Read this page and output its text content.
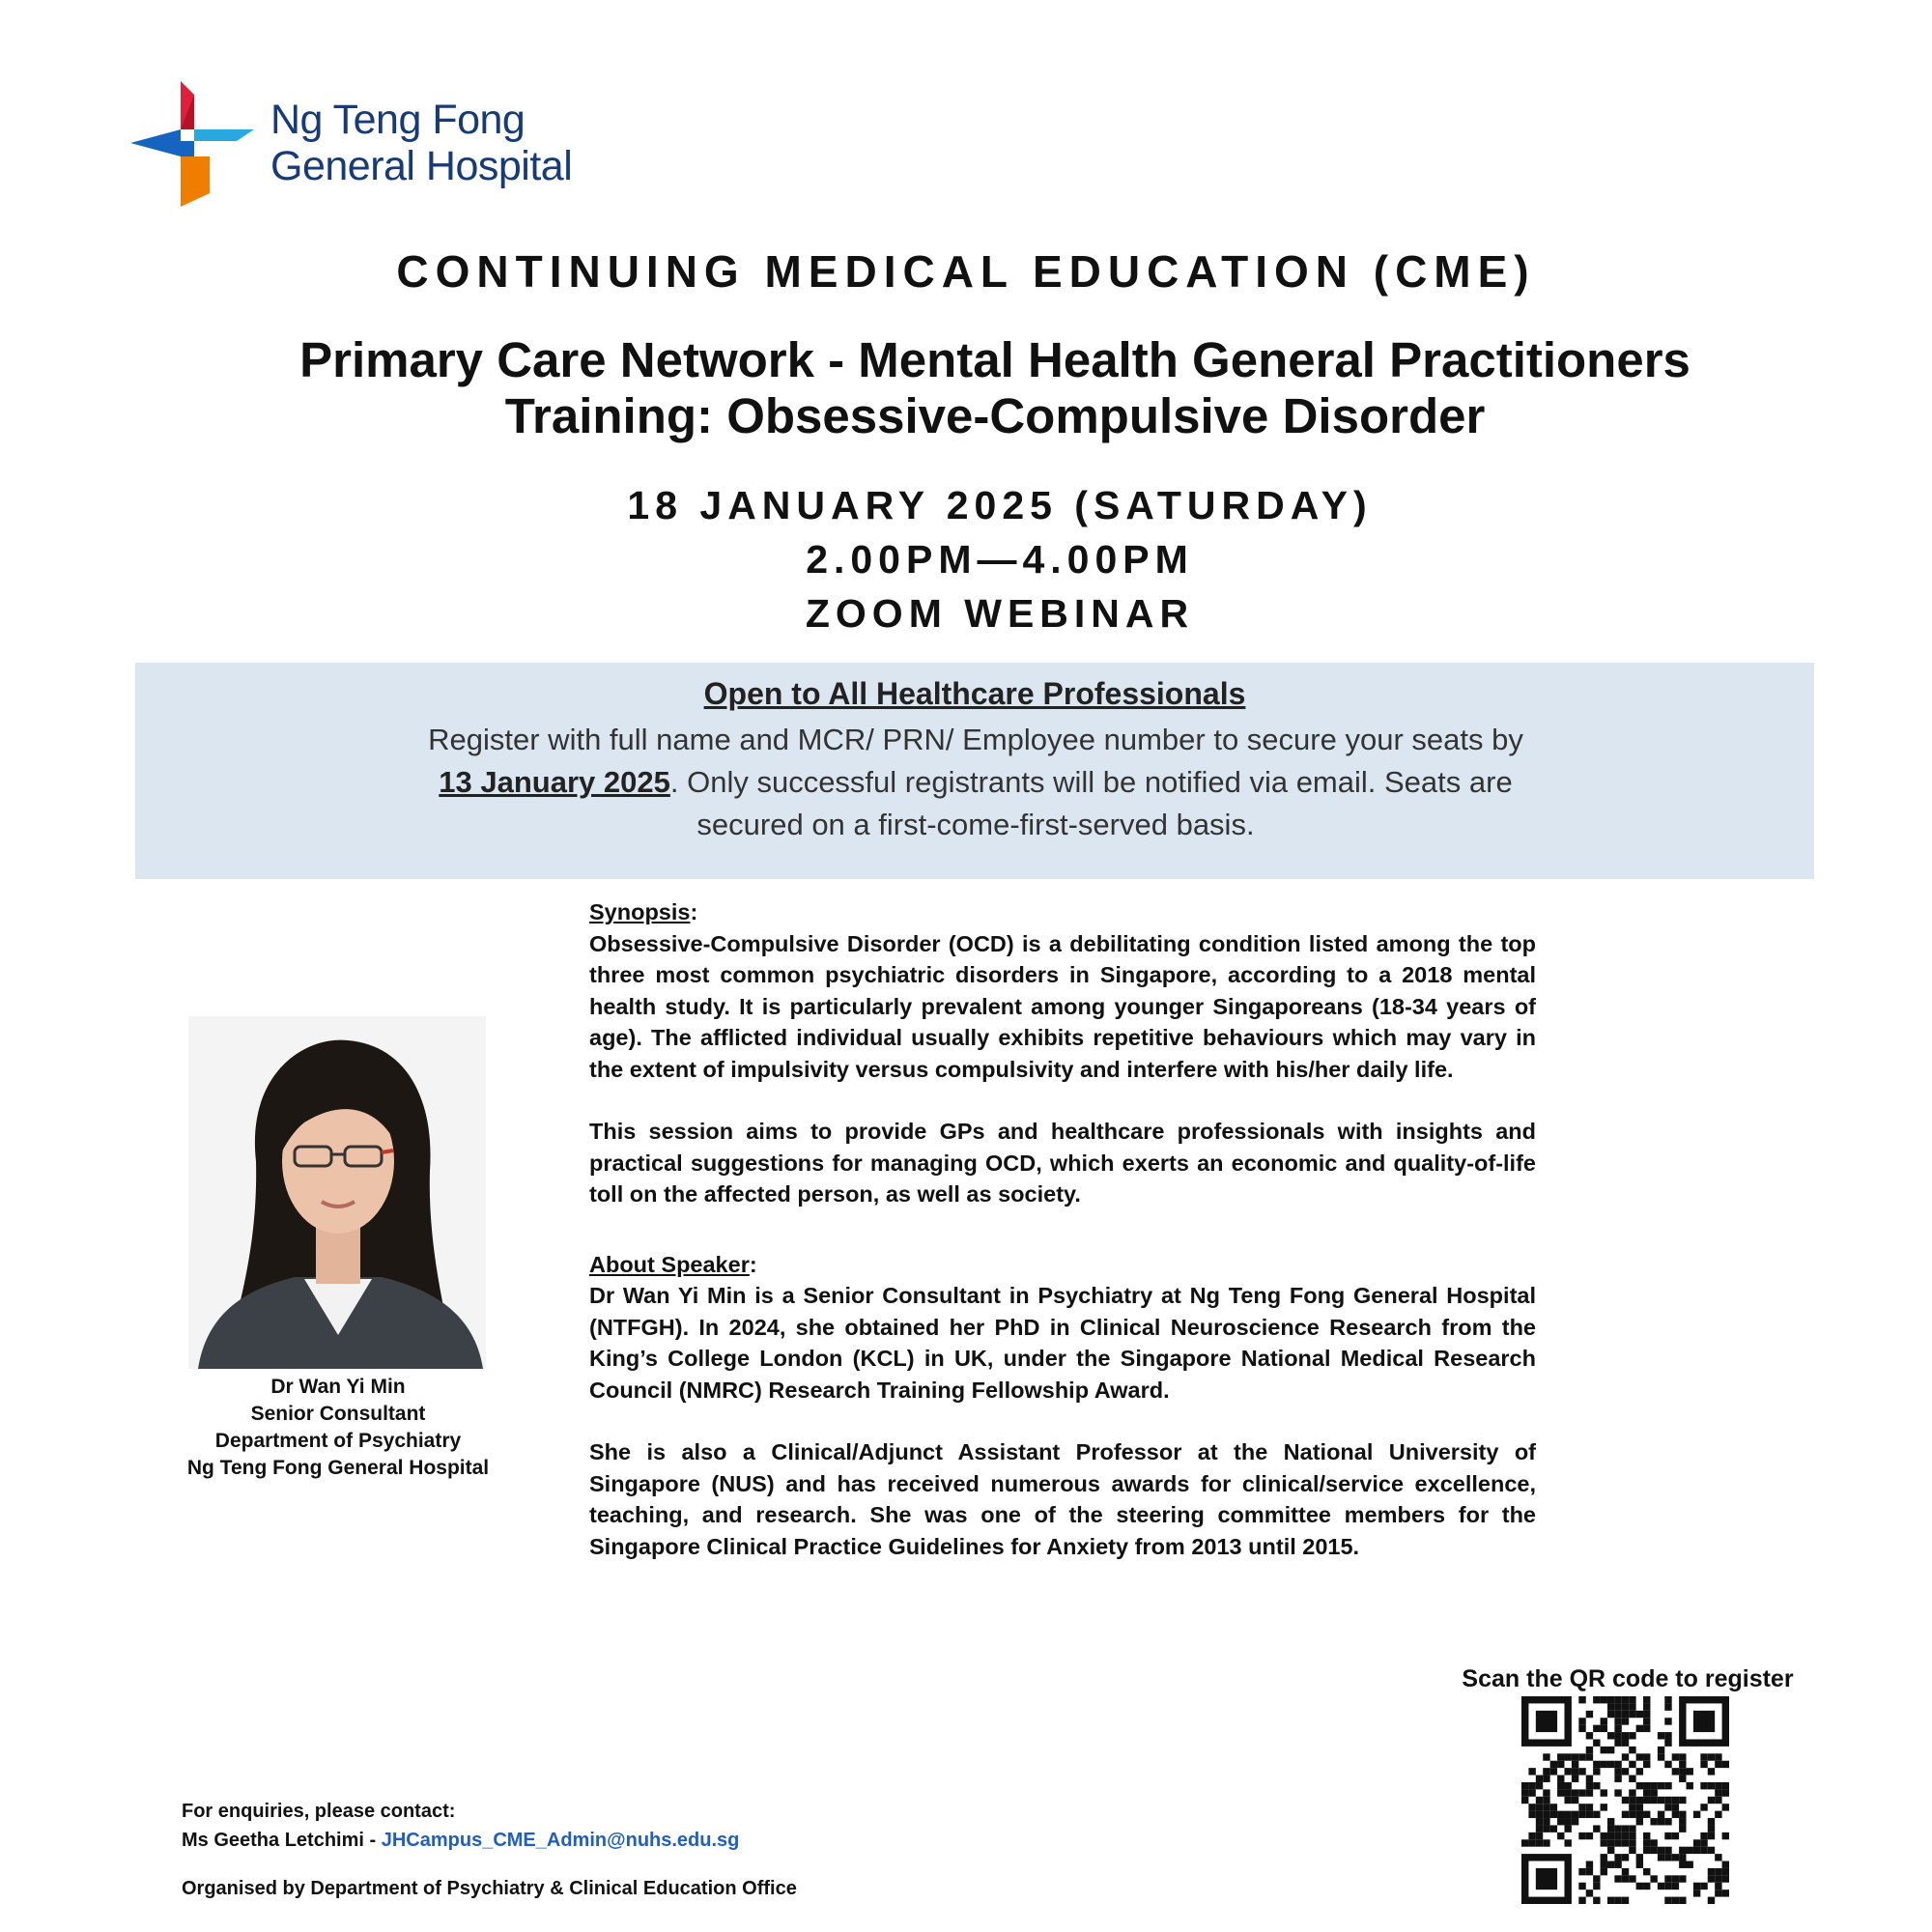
Ng Teng Fong
General Hospital
CONTINUING MEDICAL EDUCATION (CME)
Primary Care Network - Mental Health General Practitioners
Training: Obsessive-Compulsive Disorder
18 JANUARY 2025 (SATURDAY)
2.00PM—4.00PM
ZOOM WEBINAR
Open to All Healthcare Professionals
Register with full name and MCR/ PRN/ Employee number to secure your seats by
13 January 2025. Only successful registrants will be notified via email. Seats are
secured on a first-come-first-served basis.
Dr Wan Yi Min
Senior Consultant
Department of Psychiatry
Ng Teng Fong General Hospital

Synopsis:

Obsessive-Compulsive Disorder (OCD) is a debilitating condition listed among the top three most common psychiatric disorders in Singapore, according to a 2018 mental health study. It is particularly prevalent among younger Singaporeans (18-34 years of age). The afflicted individual usually exhibits repetitive behaviours which may vary in the extent of impulsivity versus compulsivity and interfere with his/her daily life.

This session aims to provide GPs and healthcare professionals with insights and practical suggestions for managing OCD, which exerts an economic and quality-of-life toll on the affected person, as well as society.

About Speaker:

Dr Wan Yi Min is a Senior Consultant in Psychiatry at Ng Teng Fong General Hospital (NTFGH). In 2024, she obtained her PhD in Clinical Neuroscience Research from the King’s College London (KCL) in UK, under the Singapore National Medical Research Council (NMRC) Research Training Fellowship Award.

She is also a Clinical/Adjunct Assistant Professor at the National University of Singapore (NUS) and has received numerous awards for clinical/service excellence, teaching, and research. She was one of the steering committee members for the Singapore Clinical Practice Guidelines for Anxiety from 2013 until 2015.

Scan the QR code to register
For enquiries, please contact:
Ms Geetha Letchimi - JHCampus_CME_Admin@nuhs.edu.sg
Organised by Department of Psychiatry & Clinical Education Office
